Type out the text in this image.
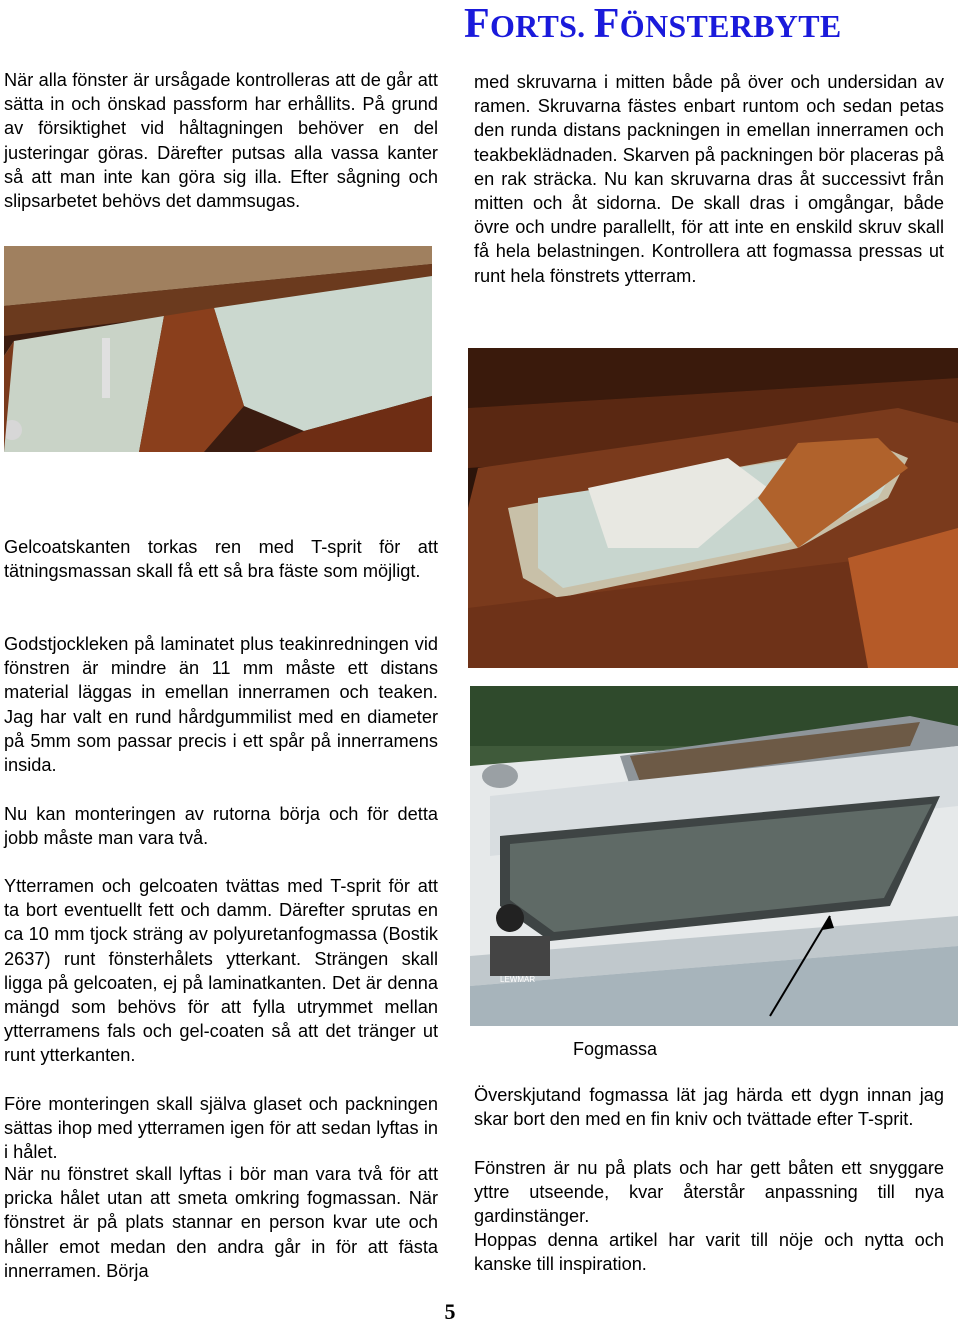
FORTS. FÖNSTERBYTE

När alla fönster är ursågade kontrolleras att de går att sätta in och önskad passform har erhållits. På grund av försiktighet vid håltagningen behöver en del justeringar göras. Därefter putsas alla vassa kanter så att man inte kan göra sig illa. Efter sågning och slipsarbetet behövs det dammsugas.

Gelcoatskanten torkas ren med T-sprit för att tätningsmassan skall få ett så bra fäste som möjligt.

Godstjockleken på laminatet plus teakinredningen vid fönstren är mindre än 11 mm måste ett distans material läggas in emellan innerramen och teaken. Jag har valt en rund hårdgummilist med en diameter på 5mm som passar precis i ett spår på innerramens insida.

Nu kan monteringen av rutorna börja och för detta jobb måste man vara två.

Ytterramen och gelcoaten tvättas med T-sprit för att ta bort eventuellt fett och damm. Därefter sprutas en ca 10 mm tjock sträng av polyuretanfogmassa (Bostik 2637) runt fönsterhålets ytterkant. Strängen skall ligga på gelcoaten, ej på laminatkanten. Det är denna mängd som behövs för att fylla utrymmet mellan ytterramens fals och gel-coaten så att det tränger ut runt ytterkanten.

Före monteringen skall själva glaset och packningen sättas ihop med ytterramen igen för att sedan lyftas in i hålet.

När nu fönstret skall lyftas i bör man vara två för att pricka hålet utan att smeta omkring fogmassan. När fönstret är på plats stannar en person kvar ute och håller emot medan den andra går in för att fästa innerramen. Börja

med skruvarna i mitten både på över och undersidan av ramen. Skruvarna fästes enbart runtom och sedan petas den runda distans packningen in emellan innerramen och teakbeklädnaden. Skarven på packningen bör placeras på en rak sträcka. Nu kan skruvarna dras åt successivt från mitten och åt sidorna. De skall dras i omgångar, både övre och undre parallellt, för att inte en enskild skruv skall få hela belastningen. Kontrollera att fogmassa pressas ut runt hela fönstrets ytterram.

LEWMAR

Fogmassa

Överskjutand fogmassa lät jag härda ett dygn innan jag skar bort den med en fin kniv och tvättade efter T-sprit.

Fönstren är nu på plats och har gett båten ett snyggare yttre utseende, kvar återstår anpassning till nya gardinstänger.

Hoppas denna artikel har varit till nöje och nytta och kanske till inspiration.

5
